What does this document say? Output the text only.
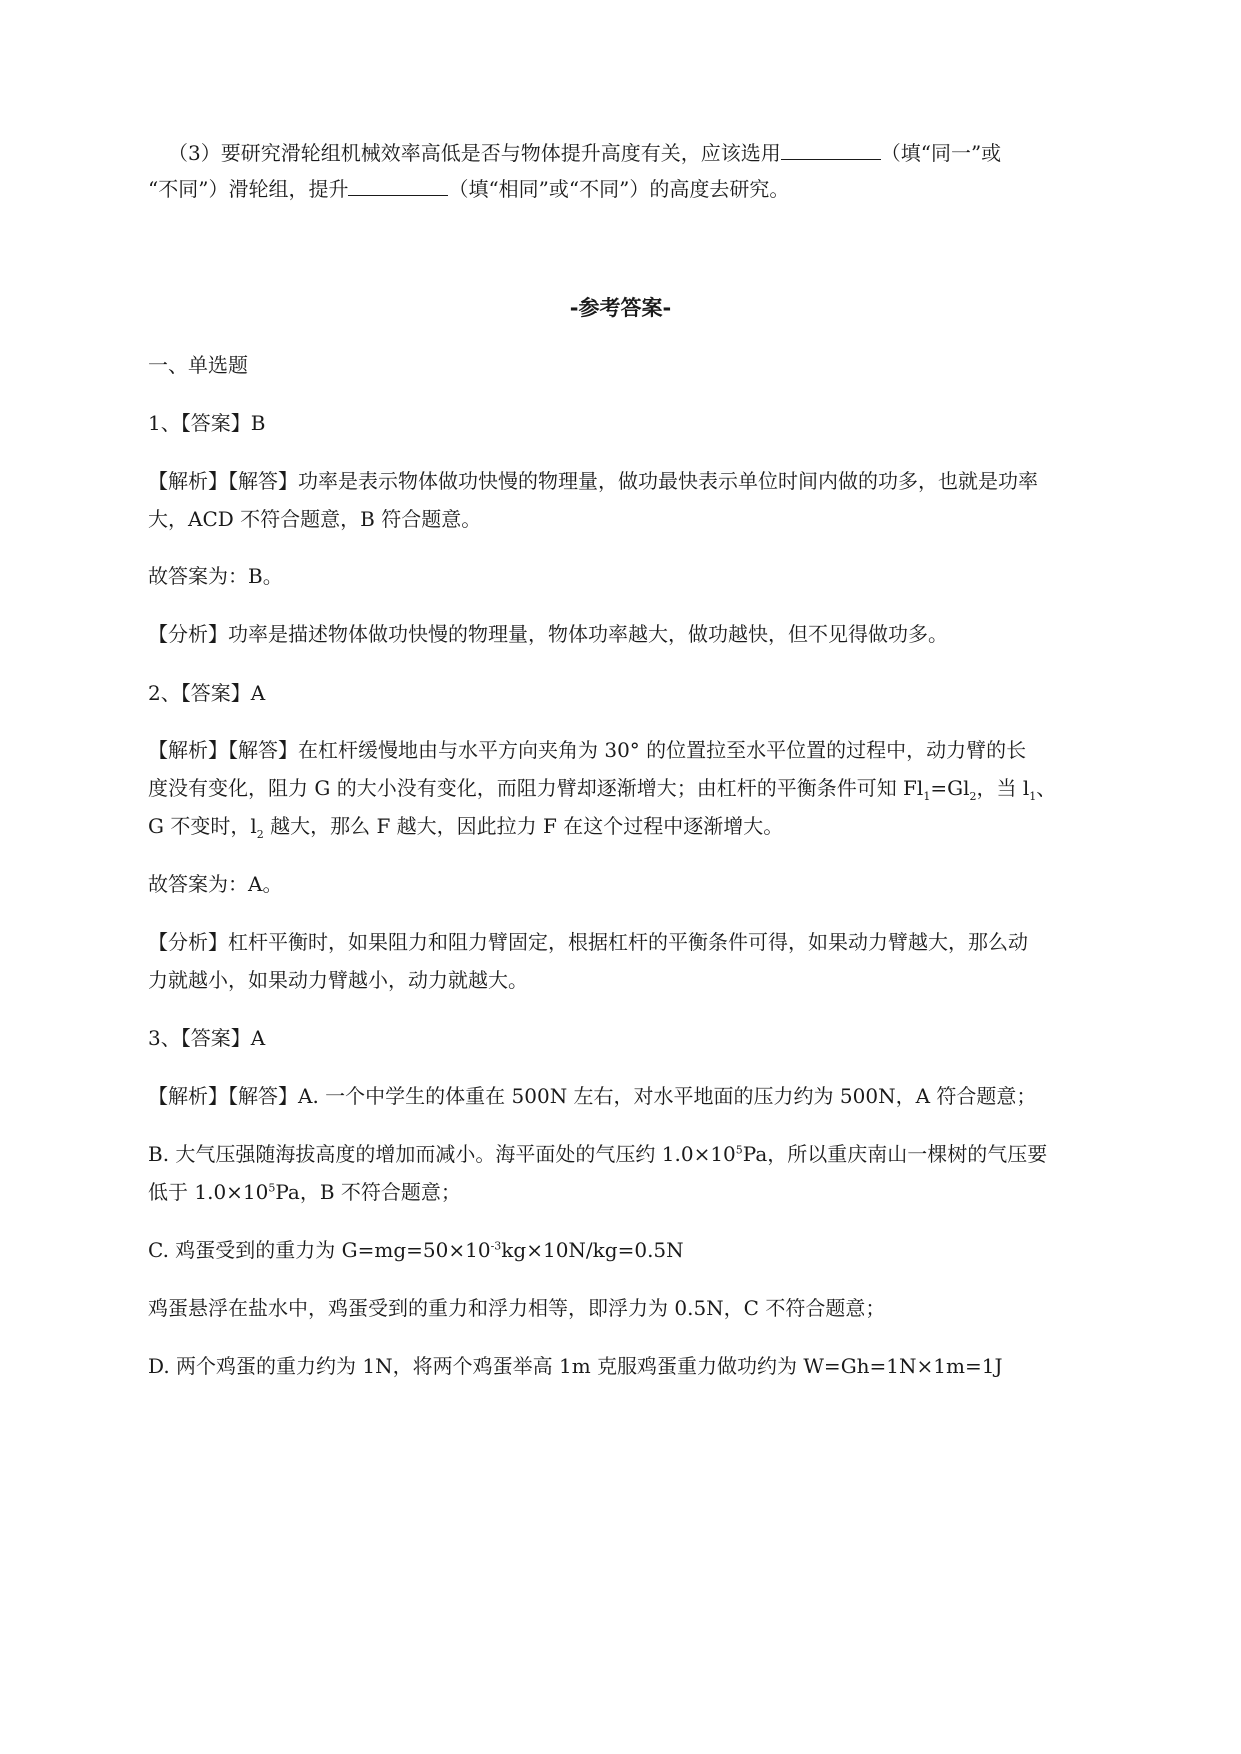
（3）要研究滑轮组机械效率高低是否与物体提升高度有关，应该选用	（填“同一”或
“不同”）滑轮组，提升	（填“相同”或“不同”）的高度去研究。
-参考答案-
一、单选题
1、【答案】B
【解析】【解答】功率是表示物体做功快慢的物理量，做功最快表示单位时间内做的功多，也就是功率
大，ACD 不符合题意，B 符合题意。
故答案为：B。
【分析】功率是描述物体做功快慢的物理量，物体功率越大，做功越快，但不见得做功多。
2、【答案】A
【解析】【解答】在杠杆缓慢地由与水平方向夹角为 30° 的位置拉至水平位置的过程中，动力臂的长
度没有变化，阻力 G 的大小没有变化，而阻力臂却逐渐增大；由杠杆的平衡条件可知 $Fl_1=Gl_2$，当 $l_1$、
G 不变时，$l_2$ 越大，那么 F 越大，因此拉力 F 在这个过程中逐渐增大。
故答案为：A。
【分析】杠杆平衡时，如果阻力和阻力臂固定，根据杠杆的平衡条件可得，如果动力臂越大，那么动
力就越小，如果动力臂越小，动力就越大。
3、【答案】A
【解析】【解答】A. 一个中学生的体重在 500N 左右，对水平地面的压力约为 500N，A 符合题意；
B. 大气压强随海拔高度的增加而减小。海平面处的气压约 $1.0\times 10^5Pa$，所以重庆南山一棵树的气压要
低于 $1.0\times 10^5Pa$，B 不符合题意；
C. 鸡蛋受到的重力为 $G=mg=50\times 10^{-3}kg\times 10N/kg=0.5N$
鸡蛋悬浮在盐水中，鸡蛋受到的重力和浮力相等，即浮力为 0.5N，C 不符合题意；
D. 两个鸡蛋的重力约为 1N，将两个鸡蛋举高 1m 克服鸡蛋重力做功约为 W=Gh=1N×1m=1J
